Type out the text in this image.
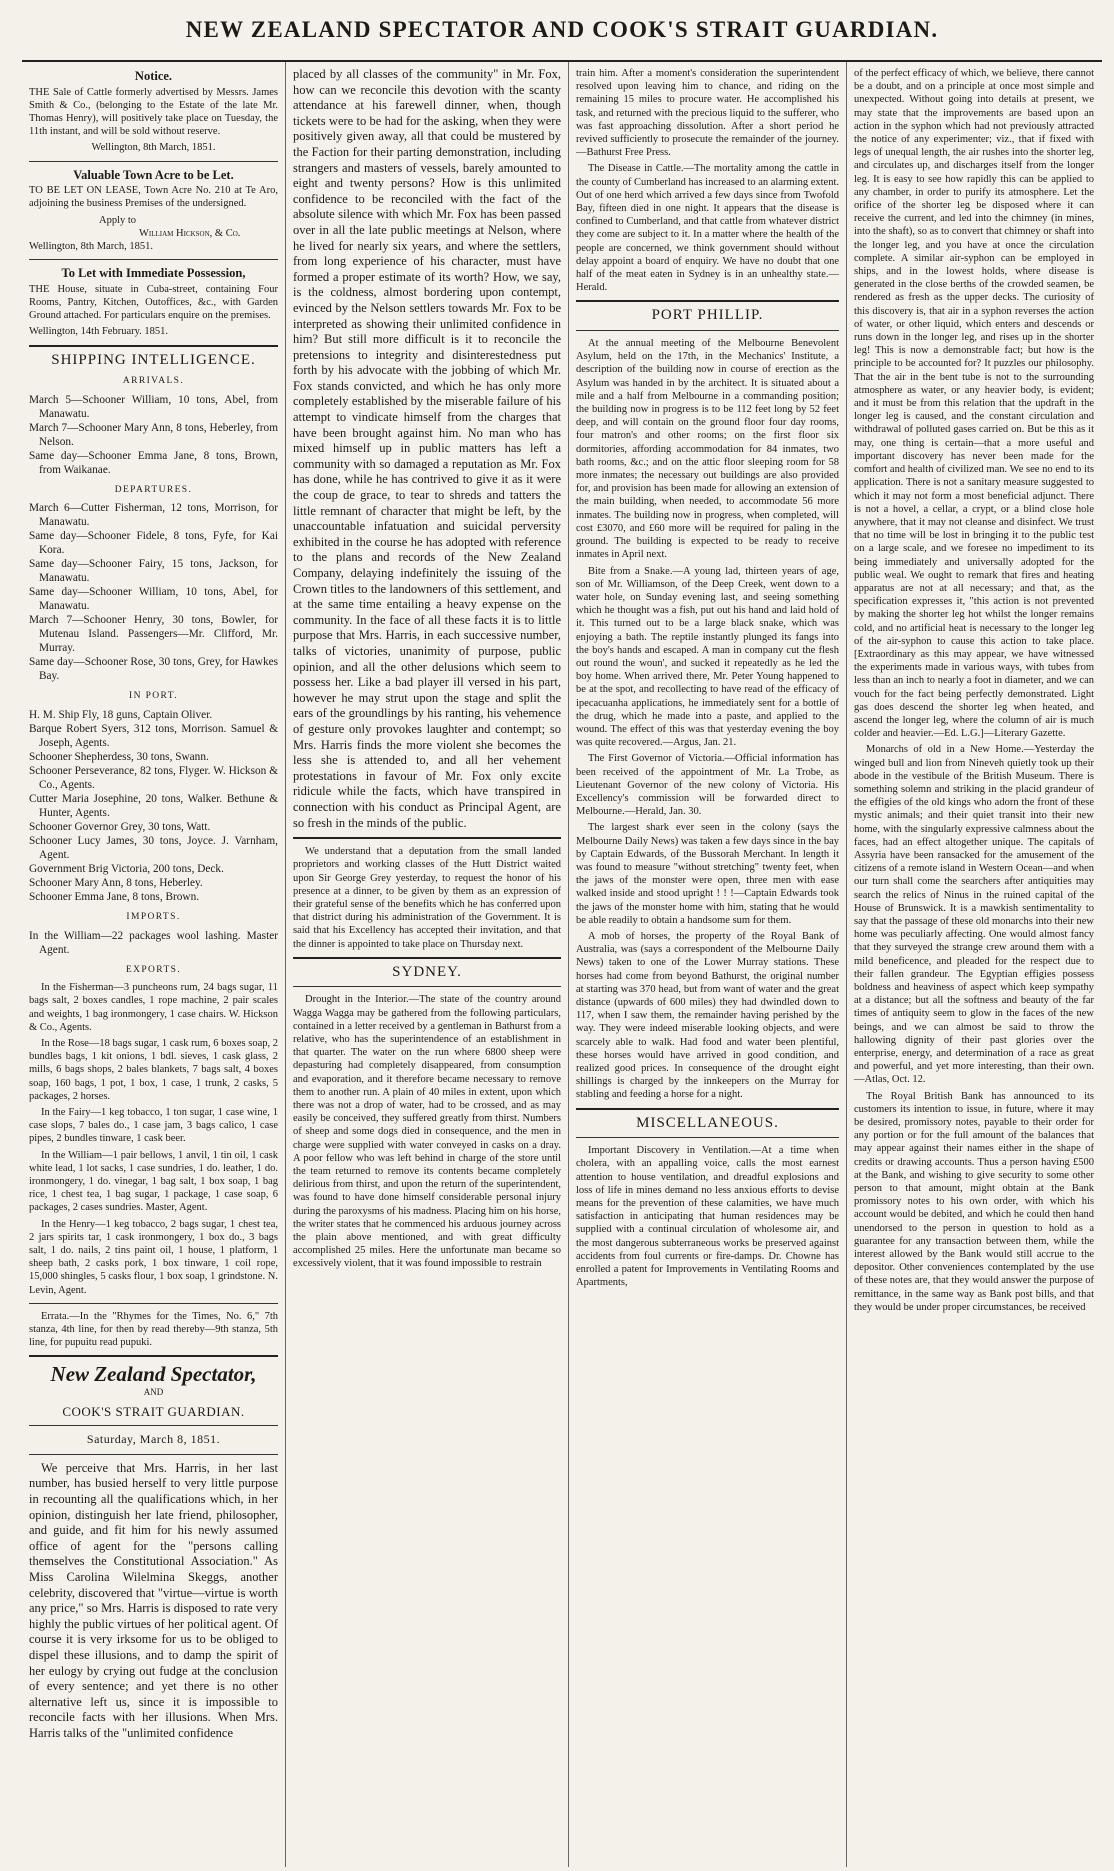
NEW ZEALAND SPECTATOR AND COOK'S STRAIT GUARDIAN.
Notice.

THE Sale of Cattle formerly advertised by Messrs. James Smith & Co., (belonging to the Estate of the late Mr. Thomas Henry), will positively take place on Tuesday, the 11th instant, and will be sold without reserve.

Wellington, 8th March, 1851.
Valuable Town Acre to be Let.

TO BE LET ON LEASE, Town Acre No. 210 at Te Aro, adjoining the business Premises of the undersigned.

Apply to
William Hickson, & Co.
Wellington, 8th March, 1851.
To Let with Immediate Possession,

THE House, situate in Cuba-street, containing Four Rooms, Pantry, Kitchen, Outoffices, &c., with Garden Ground attached. For particulars enquire on the premises.

Wellington, 14th February. 1851.
SHIPPING INTELLIGENCE.
ARRIVALS.

March 5—Schooner William, 10 tons, Abel, from Manawatu.

March 7—Schooner Mary Ann, 8 tons, Heberley, from Nelson.

Same day—Schooner Emma Jane, 8 tons, Brown, from Waikanae.

DEPARTURES.

March 6—Cutter Fisherman, 12 tons, Morrison, for Manawatu.

Same day—Schooner Fidele, 8 tons, Fyfe, for Kai Kora.

Same day—Schooner Fairy, 15 tons, Jackson, for Manawatu.

Same day—Schooner William, 10 tons, Abel, for Manawatu.

March 7—Schooner Henry, 30 tons, Bowler, for Mutenau Island. Passengers—Mr. Clifford, Mr. Murray.

Same day—Schooner Rose, 30 tons, Grey, for Hawkes Bay.

IN PORT.

H. M. Ship Fly, 18 guns, Captain Oliver.

Barque Robert Syers, 312 tons, Morrison. Samuel & Joseph, Agents.

Schooner Shepherdess, 30 tons, Swann.

Schooner Perseverance, 82 tons, Flyger. W. Hickson & Co., Agents.

Cutter Maria Josephine, 20 tons, Walker. Bethune & Hunter, Agents.

Schooner Governor Grey, 30 tons, Watt.

Schooner Lucy James, 30 tons, Joyce. J. Varnham, Agent.

Government Brig Victoria, 200 tons, Deck.

Schooner Mary Ann, 8 tons, Heberley.

Schooner Emma Jane, 8 tons, Brown.

IMPORTS.

In the William—22 packages wool lashing. Master Agent.

EXPORTS.

In the Fisherman—3 puncheons rum, 24 bags sugar, 11 bags salt, 2 boxes candles, 1 rope machine, 2 pair scales and weights, 1 bag ironmongery, 1 case chairs. W. Hickson & Co., Agents.

In the Rose—18 bags sugar, 1 cask rum, 6 boxes soap, 2 bundles bags, 1 kit onions, 1 bdl. sieves, 1 cask glass, 2 mills, 6 bags shops, 2 bales blankets, 7 bags salt, 4 boxes soap, 160 bags, 1 pot, 1 box, 1 case, 1 trunk, 2 casks, 5 packages, 2 horses.

In the Fairy—1 keg tobacco, 1 ton sugar, 1 case wine, 1 case slops, 7 bales do., 1 case jam, 3 bags calico, 1 case pipes, 2 bundles tinware, 1 cask beer.

In the William—1 pair bellows, 1 anvil, 1 tin oil, 1 cask white lead, 1 lot sacks, 1 case sundries, 1 do. leather, 1 do. ironmongery, 1 do. vinegar, 1 bag salt, 1 box soap, 1 bag rice, 1 chest tea, 1 bag sugar, 1 package, 1 case soap, 6 packages, 2 cases sundries. Master, Agent.

In the Henry—1 keg tobacco, 2 bags sugar, 1 chest tea, 2 jars spirits tar, 1 cask ironmongery, 1 box do., 3 bags salt, 1 do. nails, 2 tins paint oil, 1 house, 1 platform, 1 sheep bath, 2 casks pork, 1 box tinware, 1 coil rope, 15,000 shingles, 5 casks flour, 1 box soap, 1 grindstone. N. Levin, Agent.

Errata.—In the "Rhymes for the Times, No. 6," 7th stanza, 4th line, for then by read thereby—9th stanza, 5th line, for pupuitu read pupuki.

New Zealand Spectator,
AND
COOK'S STRAIT GUARDIAN.
Saturday, March 8, 1851.

We perceive that Mrs. Harris, in her last number, has busied herself to very little purpose in recounting all the qualifications which, in her opinion, distinguish her late friend, philosopher, and guide, and fit him for his newly assumed office of agent for the "persons calling themselves the Constitutional Association." As Miss Carolina Wilelmina Skeggs, another celebrity, discovered that "virtue—virtue is worth any price," so Mrs. Harris is disposed to rate very highly the public virtues of her political agent. Of course it is very irksome for us to be obliged to dispel these illusions, and to damp the spirit of her eulogy by crying out fudge at the conclusion of every sentence; and yet there is no other alternative left us, since it is impossible to reconcile facts with her illusions. When Mrs. Harris talks of the "unlimited confidence

placed by all classes of the community" in Mr. Fox, how can we reconcile this devotion with the scanty attendance at his farewell dinner, when, though tickets were to be had for the asking, when they were positively given away, all that could be mustered by the Faction for their parting demonstration, including strangers and masters of vessels, barely amounted to eight and twenty persons? How is this unlimited confidence to be reconciled with the fact of the absolute silence with which Mr. Fox has been passed over in all the late public meetings at Nelson, where he lived for nearly six years, and where the settlers, from long experience of his character, must have formed a proper estimate of its worth? How, we say, is the coldness, almost bordering upon contempt, evinced by the Nelson settlers towards Mr. Fox to be interpreted as showing their unlimited confidence in him? But still more difficult is it to reconcile the pretensions to integrity and disinterestedness put forth by his advocate with the jobbing of which Mr. Fox stands convicted, and which he has only more completely established by the miserable failure of his attempt to vindicate himself from the charges that have been brought against him. No man who has mixed himself up in public matters has left a community with so damaged a reputation as Mr. Fox has done, while he has contrived to give it as it were the coup de grace, to tear to shreds and tatters the little remnant of character that might be left, by the unaccountable infatuation and suicidal perversity exhibited in the course he has adopted with reference to the plans and records of the New Zealand Company, delaying indefinitely the issuing of the Crown titles to the landowners of this settlement, and at the same time entailing a heavy expense on the community. In the face of all these facts it is to little purpose that Mrs. Harris, in each successive number, talks of victories, unanimity of purpose, public opinion, and all the other delusions which seem to possess her. Like a bad player ill versed in his part, however he may strut upon the stage and split the ears of the groundlings by his ranting, his vehemence of gesture only provokes laughter and contempt; so Mrs. Harris finds the more violent she becomes the less she is attended to, and all her vehement protestations in favour of Mr. Fox only excite ridicule while the facts, which have transpired in connection with his conduct as Principal Agent, are so fresh in the minds of the public.

We understand that a deputation from the small landed proprietors and working classes of the Hutt District waited upon Sir George Grey yesterday, to request the honor of his presence at a dinner, to be given by them as an expression of their grateful sense of the benefits which he has conferred upon that district during his administration of the Government. It is said that his Excellency has accepted their invitation, and that the dinner is appointed to take place on Thursday next.

SYDNEY.

Drought in the Interior.—The state of the country around Wagga Wagga may be gathered from the following particulars, contained in a letter received by a gentleman in Bathurst from a relative, who has the superintendence of an establishment in that quarter. The water on the run where 6800 sheep were depasturing had completely disappeared, from consumption and evaporation, and it therefore became necessary to remove them to another run. A plain of 40 miles in extent, upon which there was not a drop of water, had to be crossed, and as may easily be conceived, they suffered greatly from thirst. Numbers of sheep and some dogs died in consequence, and the men in charge were supplied with water conveyed in casks on a dray. A poor fellow who was left behind in charge of the store until the team returned to remove its contents became completely delirious from thirst, and upon the return of the superintendent, was found to have done himself considerable personal injury during the paroxysms of his madness. Placing him on his horse, the writer states that he commenced his arduous journey across the plain above mentioned, and with great difficulty accomplished 25 miles. Here the unfortunate man became so excessively violent, that it was found impossible to restrain

train him. After a moment's consideration the superintendent resolved upon leaving him to chance, and riding on the remaining 15 miles to procure water. He accomplished his task, and returned with the precious liquid to the sufferer, who was fast approaching dissolution. After a short period he revived sufficiently to prosecute the remainder of the journey.—Bathurst Free Press.

The Disease in Cattle.—The mortality among the cattle in the county of Cumberland has increased to an alarming extent. Out of one herd which arrived a few days since from Twofold Bay, fifteen died in one night. It appears that the disease is confined to Cumberland, and that cattle from whatever district they come are subject to it. In a matter where the health of the people are concerned, we think government should without delay appoint a board of enquiry. We have no doubt that one half of the meat eaten in Sydney is in an unhealthy state.—Herald.

PORT PHILLIP.

At the annual meeting of the Melbourne Benevolent Asylum, held on the 17th, in the Mechanics' Institute, a description of the building now in course of erection as the Asylum was handed in by the architect. It is situated about a mile and a half from Melbourne in a commanding position; the building now in progress is to be 112 feet long by 52 feet deep, and will contain on the ground floor four day rooms, four matron's and other rooms; on the first floor six dormitories, affording accommodation for 84 inmates, two bath rooms, &c.; and on the attic floor sleeping room for 58 more inmates; the necessary out buildings are also provided for, and provision has been made for allowing an extension of the main building, when needed, to accommodate 56 more inmates. The building now in progress, when completed, will cost £3070, and £60 more will be required for paling in the ground. The building is expected to be ready to receive inmates in April next.

Bite from a Snake.—A young lad, thirteen years of age, son of Mr. Williamson, of the Deep Creek, went down to a water hole, on Sunday evening last, and seeing something which he thought was a fish, put out his hand and laid hold of it. This turned out to be a large black snake, which was enjoying a bath. The reptile instantly plunged its fangs into the boy's hands and escaped. A man in company cut the flesh out round the woun', and sucked it repeatedly as he led the boy home. When arrived there, Mr. Peter Young happened to be at the spot, and recollecting to have read of the efficacy of ipecacuanha applications, he immediately sent for a bottle of the drug, which he made into a paste, and applied to the wound. The effect of this was that yesterday evening the boy was quite recovered.—Argus, Jan. 21.

The First Governor of Victoria.—Official information has been received of the appointment of Mr. La Trobe, as Lieutenant Governor of the new colony of Victoria. His Excellency's commission will be forwarded direct to Melbourne.—Herald, Jan. 30.

The largest shark ever seen in the colony (says the Melbourne Daily News) was taken a few days since in the bay by Captain Edwards, of the Bussorah Merchant. In length it was found to measure "without stretching" twenty feet, when the jaws of the monster were open, three men with ease walked inside and stood upright ! ! !—Captain Edwards took the jaws of the monster home with him, stating that he would be able readily to obtain a handsome sum for them.

A mob of horses, the property of the Royal Bank of Australia, was (says a correspondent of the Melbourne Daily News) taken to one of the Lower Murray stations. These horses had come from beyond Bathurst, the original number at starting was 370 head, but from want of water and the great distance (upwards of 600 miles) they had dwindled down to 117, when I saw them, the remainder having perished by the way. They were indeed miserable looking objects, and were scarcely able to walk. Had food and water been plentiful, these horses would have arrived in good condition, and realized good prices. In consequence of the drought eight shillings is charged by the innkeepers on the Murray for stabling and feeding a horse for a night.

MISCELLANEOUS.

Important Discovery in Ventilation.—At a time when cholera, with an appalling voice, calls the most earnest attention to house ventilation, and dreadful explosions and loss of life in mines demand no less anxious efforts to devise means for the prevention of these calamities, we have much satisfaction in anticipating that human residences may be supplied with a continual circulation of wholesome air, and the most dangerous subterraneous works be preserved against accidents from foul currents or fire-damps. Dr. Chowne has enrolled a patent for Improvements in Ventilating Rooms and Apartments,

of the perfect efficacy of which, we believe, there cannot be a doubt, and on a principle at once most simple and unexpected. Without going into details at present, we may state that the improvements are based upon an action in the syphon which had not previously attracted the notice of any experimenter; viz., that if fixed with legs of unequal length, the air rushes into the shorter leg, and circulates up, and discharges itself from the longer leg. It is easy to see how rapidly this can be applied to any chamber, in order to purify its atmosphere. Let the orifice of the shorter leg be disposed where it can receive the current, and led into the chimney (in mines, into the shaft), so as to convert that chimney or shaft into the longer leg, and you have at once the circulation complete. A similar air-syphon can be employed in ships, and in the lowest holds, where disease is generated in the close berths of the crowded seamen, be rendered as fresh as the upper decks. The curiosity of this discovery is, that air in a syphon reverses the action of water, or other liquid, which enters and descends or runs down in the longer leg, and rises up in the shorter leg! This is now a demonstrable fact; but how is the principle to be accounted for? It puzzles our philosophy. That the air in the bent tube is not to the surrounding atmosphere as water, or any heavier body, is evident; and it must be from this relation that the updraft in the longer leg is caused, and the constant circulation and withdrawal of polluted gases carried on. But be this as it may, one thing is certain—that a more useful and important discovery has never been made for the comfort and health of civilized man. We see no end to its application. There is not a sanitary measure suggested to which it may not form a most beneficial adjunct. There is not a hovel, a cellar, a crypt, or a blind close hole anywhere, that it may not cleanse and disinfect. We trust that no time will be lost in bringing it to the public test on a large scale, and we foresee no impediment to its being immediately and universally adopted for the public weal. We ought to remark that fires and heating apparatus are not at all necessary; and that, as the specification expresses it, "this action is not prevented by making the shorter leg hot whilst the longer remains cold, and no artificial heat is necessary to the longer leg of the air-syphon to cause this action to take place. [Extraordinary as this may appear, we have witnessed the experiments made in various ways, with tubes from less than an inch to nearly a foot in diameter, and we can vouch for the fact being perfectly demonstrated. Light gas does descend the shorter leg when heated, and ascend the longer leg, where the column of air is much colder and heavier.—Ed. L.G.]—Literary Gazette.

Monarchs of old in a New Home.—Yesterday the winged bull and lion from Nineveh quietly took up their abode in the vestibule of the British Museum. There is something solemn and striking in the placid grandeur of the effigies of the old kings who adorn the front of these mystic animals; and their quiet transit into their new home, with the singularly expressive calmness about the faces, had an effect altogether unique. The capitals of Assyria have been ransacked for the amusement of the citizens of a remote island in Western Ocean—and when our turn shall come the searchers after antiquities may search the relics of Ninus in the ruined capital of the House of Brunswick. It is a mawkish sentimentality to say that the passage of these old monarchs into their new home was peculiarly affecting. One would almost fancy that they surveyed the strange crew around them with a mild beneficence, and pleaded for the respect due to their fallen grandeur. The Egyptian effigies possess boldness and heaviness of aspect which keep sympathy at a distance; but all the softness and beauty of the far times of antiquity seem to glow in the faces of the new beings, and we can almost be said to throw the hallowing dignity of their past glories over the enterprise, energy, and determination of a race as great and powerful, and yet more interesting, than their own.—Atlas, Oct. 12.

The Royal British Bank has announced to its customers its intention to issue, in future, where it may be desired, promissory notes, payable to their order for any portion or for the full amount of the balances that may appear against their names either in the shape of credits or drawing accounts. Thus a person having £500 at the Bank, and wishing to give security to some other person to that amount, might obtain at the Bank promissory notes to his own order, with which his account would be debited, and which he could then hand unendorsed to the person in question to hold as a guarantee for any transaction between them, while the interest allowed by the Bank would still accrue to the depositor. Other conveniences contemplated by the use of these notes are, that they would answer the purpose of remittance, in the same way as Bank post bills, and that they would be under proper circumstances, be received
